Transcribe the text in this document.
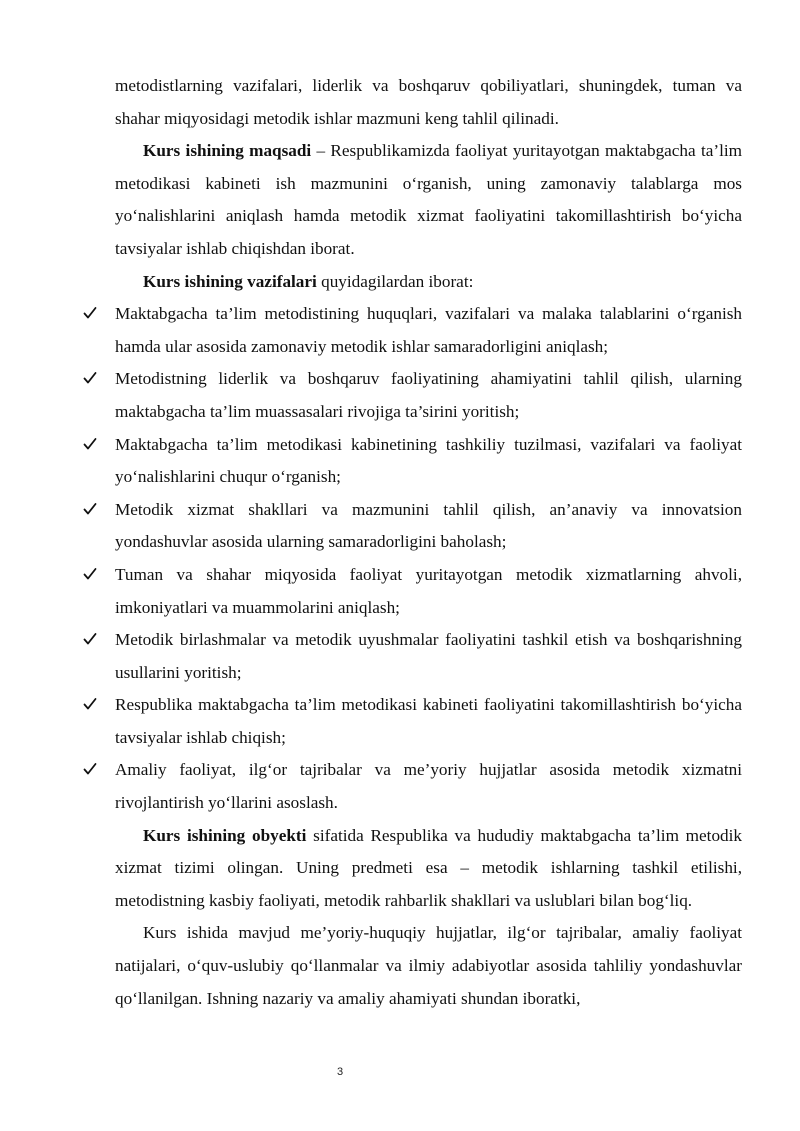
metodistlarning vazifalari, liderlik va boshqaruv qobiliyatlari, shuningdek, tuman va shahar miqyosidagi metodik ishlar mazmuni keng tahlil qilinadi.

Kurs ishining maqsadi – Respublikamizda faoliyat yuritayotgan maktabgacha ta’lim metodikasi kabineti ish mazmunini o‘rganish, uning zamonaviy talablarga mos yo‘nalishlarini aniqlash hamda metodik xizmat faoliyatini takomillashtirish bo‘yicha tavsiyalar ishlab chiqishdan iborat.

Kurs ishining vazifalari quyidagilardan iborat:

Maktabgacha ta’lim metodistining huquqlari, vazifalari va malaka talablarini o‘rganish hamda ular asosida zamonaviy metodik ishlar samaradorligini aniqlash;
Metodistning liderlik va boshqaruv faoliyatining ahamiyatini tahlil qilish, ularning maktabgacha ta’lim muassasalari rivojiga ta’sirini yoritish;
Maktabgacha ta’lim metodikasi kabinetining tashkiliy tuzilmasi, vazifalari va faoliyat yo‘nalishlarini chuqur o‘rganish;
Metodik xizmat shakllari va mazmunini tahlil qilish, an’anaviy va innovatsion yondashuvlar asosida ularning samaradorligini baholash;
Tuman va shahar miqyosida faoliyat yuritayotgan metodik xizmatlarning ahvoli, imkoniyatlari va muammolarini aniqlash;
Metodik birlashmalar va metodik uyushmalar faoliyatini tashkil etish va boshqarishning usullarini yoritish;
Respublika maktabgacha ta’lim metodikasi kabineti faoliyatini takomillashtirish bo‘yicha tavsiyalar ishlab chiqish;
Amaliy faoliyat, ilg‘or tajribalar va me’yoriy hujjatlar asosida metodik xizmatni rivojlantirish yo‘llarini asoslash.

Kurs ishining obyekti sifatida Respublika va hududiy maktabgacha ta’lim metodik xizmat tizimi olingan. Uning predmeti esa – metodik ishlarning tashkil etilishi, metodistning kasbiy faoliyati, metodik rahbarlik shakllari va uslublari bilan bog‘liq.

Kurs ishida mavjud me’yoriy-huquqiy hujjatlar, ilg‘or tajribalar, amaliy faoliyat natijalari, o‘quv-uslubiy qo‘llanmalar va ilmiy adabiyotlar asosida tahliliy yondashuvlar qo‘llanilgan. Ishning nazariy va amaliy ahamiyati shundan iboratki,

3
